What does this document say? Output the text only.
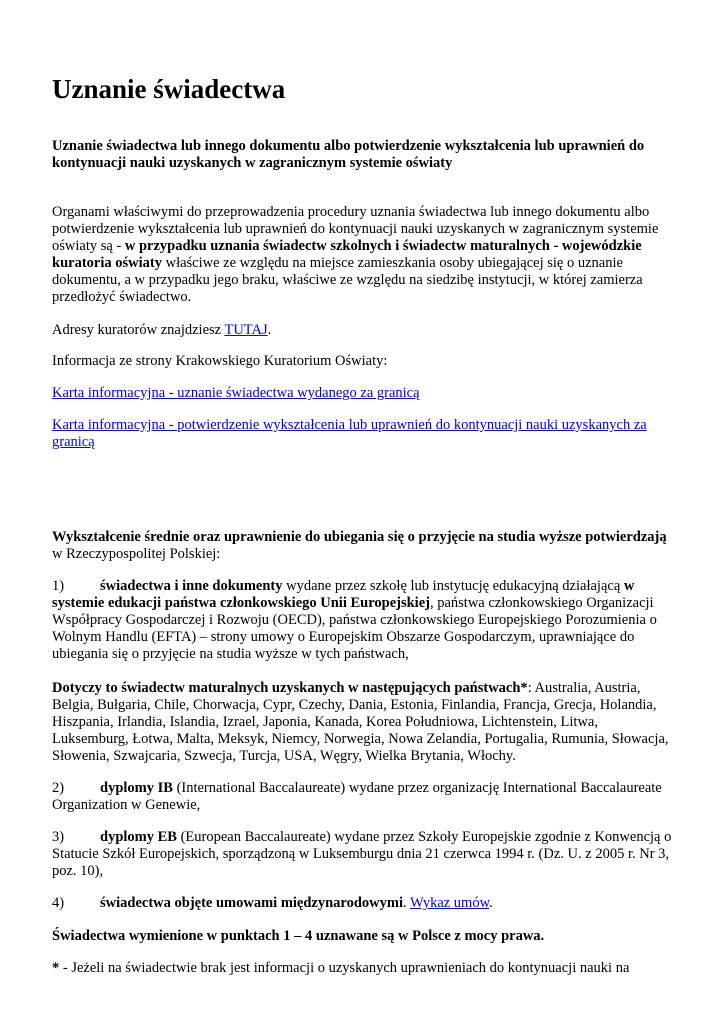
Uznanie świadectwa

Uznanie świadectwa lub innego dokumentu albo potwierdzenie wykształcenia lub uprawnień do kontynuacji nauki uzyskanych w zagranicznym systemie oświaty

Organami właściwymi do przeprowadzenia procedury uznania świadectwa lub innego dokumentu albo potwierdzenie wykształcenia lub uprawnień do kontynuacji nauki uzyskanych w zagranicznym systemie oświaty są - w przypadku uznania świadectw szkolnych i świadectw maturalnych - wojewódzkie kuratoria oświaty właściwe ze względu na miejsce zamieszkania osoby ubiegającej się o uznanie dokumentu, a w przypadku jego braku, właściwe ze względu na siedzibę instytucji, w której zamierza przedłożyć świadectwo.

Adresy kuratorów znajdziesz TUTAJ.

Informacja ze strony Krakowskiego Kuratorium Oświaty:

Karta informacyjna - uznanie świadectwa wydanego za granicą

Karta informacyjna - potwierdzenie wykształcenia lub uprawnień do kontynuacji nauki uzyskanych za granicą

Wykształcenie średnie oraz uprawnienie do ubiegania się o przyjęcie na studia wyższe potwierdzają w Rzeczypospolitej Polskiej:

1) świadectwa i inne dokumenty wydane przez szkołę lub instytucję edukacyjną działającą w systemie edukacji państwa członkowskiego Unii Europejskiej, państwa członkowskiego Organizacji Współpracy Gospodarczej i Rozwoju (OECD), państwa członkowskiego Europejskiego Porozumienia o Wolnym Handlu (EFTA) – strony umowy o Europejskim Obszarze Gospodarczym, uprawniające do ubiegania się o przyjęcie na studia wyższe w tych państwach,

Dotyczy to świadectw maturalnych uzyskanych w następujących państwach*: Australia, Austria, Belgia, Bułgaria, Chile, Chorwacja, Cypr, Czechy, Dania, Estonia, Finlandia, Francja, Grecja, Holandia, Hiszpania, Irlandia, Islandia, Izrael, Japonia, Kanada, Korea Południowa, Lichtenstein, Litwa, Luksemburg, Łotwa, Malta, Meksyk, Niemcy, Norwegia, Nowa Zelandia, Portugalia, Rumunia, Słowacja, Słowenia, Szwajcaria, Szwecja, Turcja, USA, Węgry, Wielka Brytania, Włochy.

2) dyplomy IB (International Baccalaureate) wydane przez organizację International Baccalaureate Organization w Genewie,

3) dyplomy EB (European Baccalaureate) wydane przez Szkoły Europejskie zgodnie z Konwencją o Statucie Szkół Europejskich, sporządzoną w Luksemburgu dnia 21 czerwca 1994 r. (Dz. U. z 2005 r. Nr 3, poz. 10),

4) świadectwa objęte umowami międzynarodowymi. Wykaz umów.

Świadectwa wymienione w punktach 1 – 4 uznawane są w Polsce z mocy prawa.

* - Jeżeli na świadectwie brak jest informacji o uzyskanych uprawnieniach do kontynuacji nauki na
